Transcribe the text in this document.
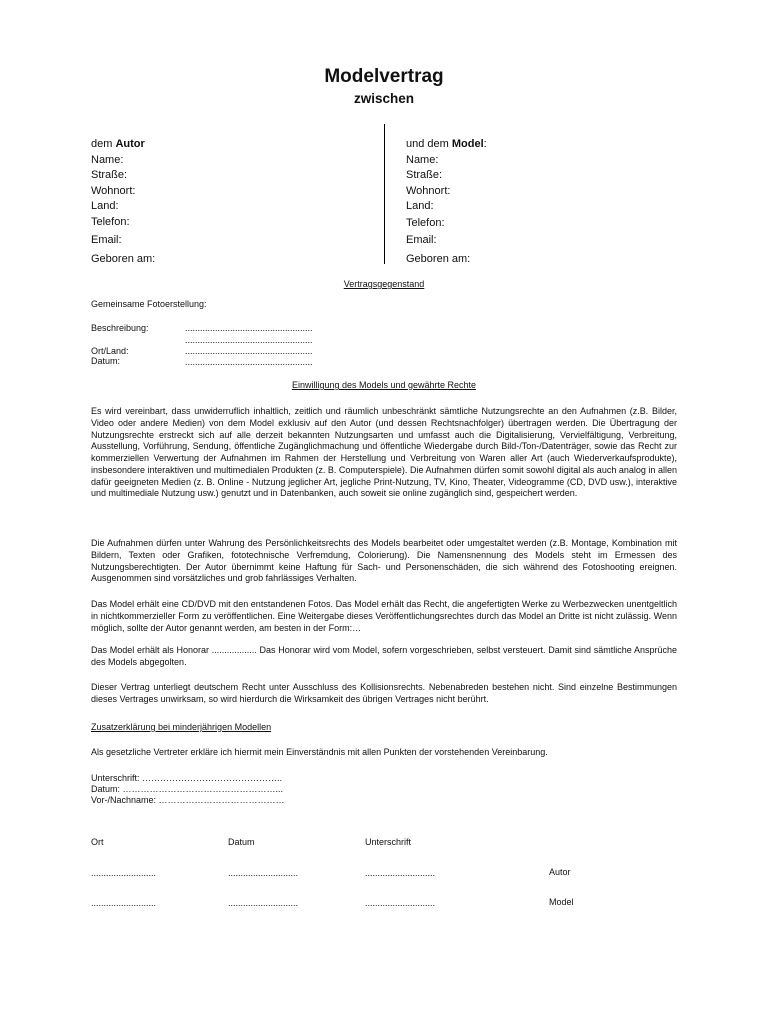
Modelvertrag
zwischen
dem Autor
Name:
Straße:
Wohnort:
Land:
Telefon:
Email:
Geboren am:
und dem Model:
Name:
Straße:
Wohnort:
Land:
Telefon:
Email:
Geboren am:
Vertragsgegenstand
Gemeinsame Fotoerstellung:
Beschreibung:	...................................................
...................................................
Ort/Land:	...................................................
Datum:	...................................................
Einwilligung des Models und gewährte Rechte
Es wird vereinbart, dass unwiderruflich inhaltlich, zeitlich und räumlich unbeschränkt sämtliche Nutzungsrechte an den Aufnahmen (z.B. Bilder, Video oder andere Medien) von dem Model exklusiv auf den Autor (und dessen Rechtsnachfolger) übertragen werden. Die Übertragung der Nutzungsrechte erstreckt sich auf alle derzeit bekannten Nutzungsarten und umfasst auch die Digitalisierung, Vervielfältigung, Verbreitung, Ausstellung, Vorführung, Sendung, öffentliche Zugänglichmachung und öffentliche Wiedergabe durch Bild-/Ton-/Datenträger, sowie das Recht zur kommerziellen Verwertung der Aufnahmen im Rahmen der Herstellung und Verbreitung von Waren aller Art (auch Wiederverkaufsprodukte), insbesondere interaktiven und multimedialen Produkten (z. B. Computerspiele). Die Aufnahmen dürfen somit sowohl digital als auch analog in allen dafür geeigneten Medien (z. B. Online - Nutzung jeglicher Art, jegliche Print-Nutzung, TV, Kino, Theater, Videogramme (CD, DVD usw.), interaktive und multimediale Nutzung usw.) genutzt und in Datenbanken, auch soweit sie online zugänglich sind, gespeichert werden.
Die Aufnahmen dürfen unter Wahrung des Persönlichkeitsrechts des Models bearbeitet oder umgestaltet werden (z.B. Montage, Kombination mit Bildern, Texten oder Grafiken, fototechnische Verfremdung, Colorierung). Die Namensnennung des Models steht im Ermessen des Nutzungsberechtigten. Der Autor übernimmt keine Haftung für Sach- und Personenschäden, die sich während des Fotoshooting ereignen. Ausgenommen sind vorsätzliches und grob fahrlässiges Verhalten.
Das Model erhält eine CD/DVD mit den entstandenen Fotos. Das Model erhält das Recht, die angefertigten Werke zu Werbezwecken unentgeltlich in nichtkommerzieller Form zu veröffentlichen. Eine Weitergabe dieses Veröffentlichungsrechtes durch das Model an Dritte ist nicht zulässig. Wenn möglich, sollte der Autor genannt werden, am besten in der Form:…
Das Model erhält als Honorar .................. Das Honorar wird vom Model, sofern vorgeschrieben, selbst versteuert. Damit sind sämtliche Ansprüche des Models abgegolten.
Dieser Vertrag unterliegt deutschem Recht unter Ausschluss des Kollisionsrechts. Nebenabreden bestehen nicht. Sind einzelne Bestimmungen dieses Vertrages unwirksam, so wird hierdurch die Wirksamkeit des übrigen Vertrages nicht berührt.
Zusatzerklärung bei minderjährigen Modellen
Als gesetzliche Vertreter erkläre ich hiermit mein Einverständnis mit allen Punkten der vorstehenden Vereinbarung.
Unterschrift: ………………………………………..
Datum: ……………………………………………...
Vor-/Nachname: ……………………………………
Ort	Datum	Unterschrift
..........................	............................	............................	Autor
..........................	............................	............................	Model
